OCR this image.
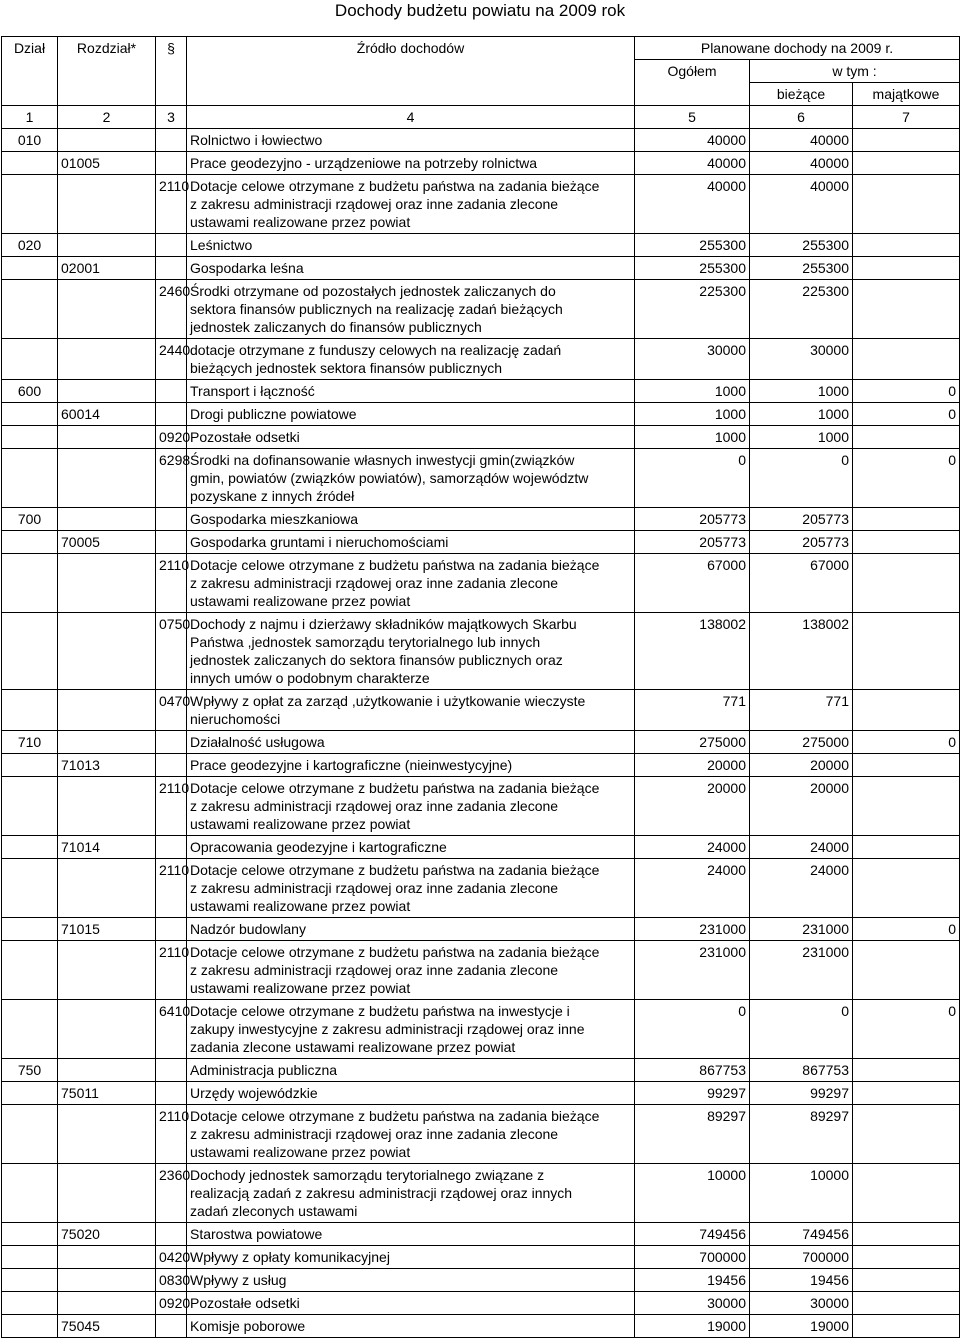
Dochody budżetu powiatu na 2009 rok
Dział	Rozdział*	§	Źródło dochodów	Planowane dochody na 2009 r.		
				Ogółem	w tym :	
					bieżące	majątkowe
1	2	3	4	5	6	7
010			Rolnictwo i łowiectwo	40000	40000	
	01005		Prace geodezyjno - urządzeniowe na potrzeby rolnictwa	40000	40000	
		2110	Dotacje celowe otrzymane z budżetu państwa na zadania bieżące z zakresu administracji rządowej oraz inne zadania zlecone ustawami realizowane przez powiat	40000	40000	
020			Leśnictwo	255300	255300	
	02001		Gospodarka leśna	255300	255300	
		2460	Środki otrzymane od pozostałych jednostek zaliczanych do sektora finansów publicznych na realizację zadań bieżących jednostek zaliczanych do finansów publicznych	225300	225300	
		2440	dotacje otrzymane z funduszy celowych na realizację zadań bieżących jednostek sektora finansów publicznych	30000	30000	
600			Transport i łączność	1000	1000	0
	60014		Drogi publiczne powiatowe	1000	1000	0
		0920	Pozostałe odsetki	1000	1000	
		6298	Środki na dofinansowanie własnych inwestycji gmin(związków gmin, powiatów (związków powiatów), samorządów województw pozyskane z innych źródeł	0	0	0
700			Gospodarka mieszkaniowa	205773	205773	
	70005		Gospodarka gruntami i nieruchomościami	205773	205773	
		2110	Dotacje celowe otrzymane z budżetu państwa na zadania bieżące z zakresu administracji rządowej oraz inne zadania zlecone ustawami realizowane przez powiat	67000	67000	
		0750	Dochody z najmu i dzierżawy składników majątkowych Skarbu Państwa ,jednostek samorządu terytorialnego lub innych jednostek zaliczanych do sektora finansów publicznych oraz innych umów o podobnym charakterze	138002	138002	
		0470	Wpływy z opłat za zarząd ,użytkowanie i użytkowanie wieczyste nieruchomości	771	771	
710			Działalność usługowa	275000	275000	0
	71013		Prace geodezyjne i kartograficzne (nieinwestycyjne)	20000	20000	
		2110	Dotacje celowe otrzymane z budżetu państwa na zadania bieżące z zakresu administracji rządowej oraz inne zadania zlecone ustawami realizowane przez powiat	20000	20000	
	71014		Opracowania geodezyjne i kartograficzne	24000	24000	
		2110	Dotacje celowe otrzymane z budżetu państwa na zadania bieżące z zakresu administracji rządowej oraz inne zadania zlecone ustawami realizowane przez powiat	24000	24000	
	71015		Nadzór budowlany	231000	231000	0
		2110	Dotacje celowe otrzymane z budżetu państwa na zadania bieżące z zakresu administracji rządowej oraz inne zadania zlecone ustawami realizowane przez powiat	231000	231000	
		6410	Dotacje celowe otrzymane z budżetu państwa na inwestycje i zakupy inwestycyjne z zakresu administracji rządowej oraz inne zadania zlecone ustawami realizowane przez powiat	0	0	0
750			Administracja publiczna	867753	867753	
	75011		Urzędy wojewódzkie	99297	99297	
		2110	Dotacje celowe otrzymane z budżetu państwa na zadania bieżące z zakresu administracji rządowej oraz inne zadania zlecone ustawami realizowane przez powiat	89297	89297	
		2360	Dochody jednostek samorządu terytorialnego związane z realizacją zadań z zakresu administracji rządowej oraz innych zadań zleconych ustawami	10000	10000	
	75020		Starostwa powiatowe	749456	749456	
		0420	Wpływy z opłaty komunikacyjnej	700000	700000	
		0830	Wpływy z usług	19456	19456	
		0920	Pozostałe odsetki	30000	30000	
	75045		Komisje poborowe	19000	19000	
